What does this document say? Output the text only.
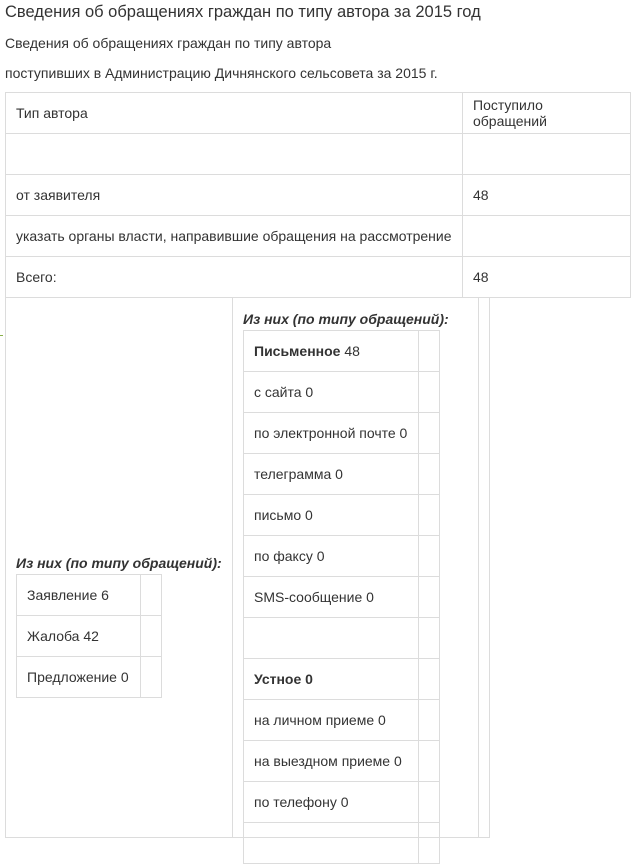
Сведения об обращениях граждан по типу автора за 2015 год
Сведения об обращениях граждан по типу автора
поступивших в Администрацию Дичнянского сельсовета за 2015 г.
Тип автора	Поступило обращений

от заявителя	48
указать органы власти, направившие обращения на рассмотрение	
Всего:	48
Из них (по типу обращений):
Заявление 6	
Жалоба 42	
Предложение 0	

Из них (по типу обращений):
Письменное 48	
с сайта 0	
по электронной почте 0	
телеграмма 0	
письмо 0	
по факсу 0	
SMS-сообщение 0	

Устное 0	
на личном приеме 0	
на выездном приеме 0	
по телефону 0	
